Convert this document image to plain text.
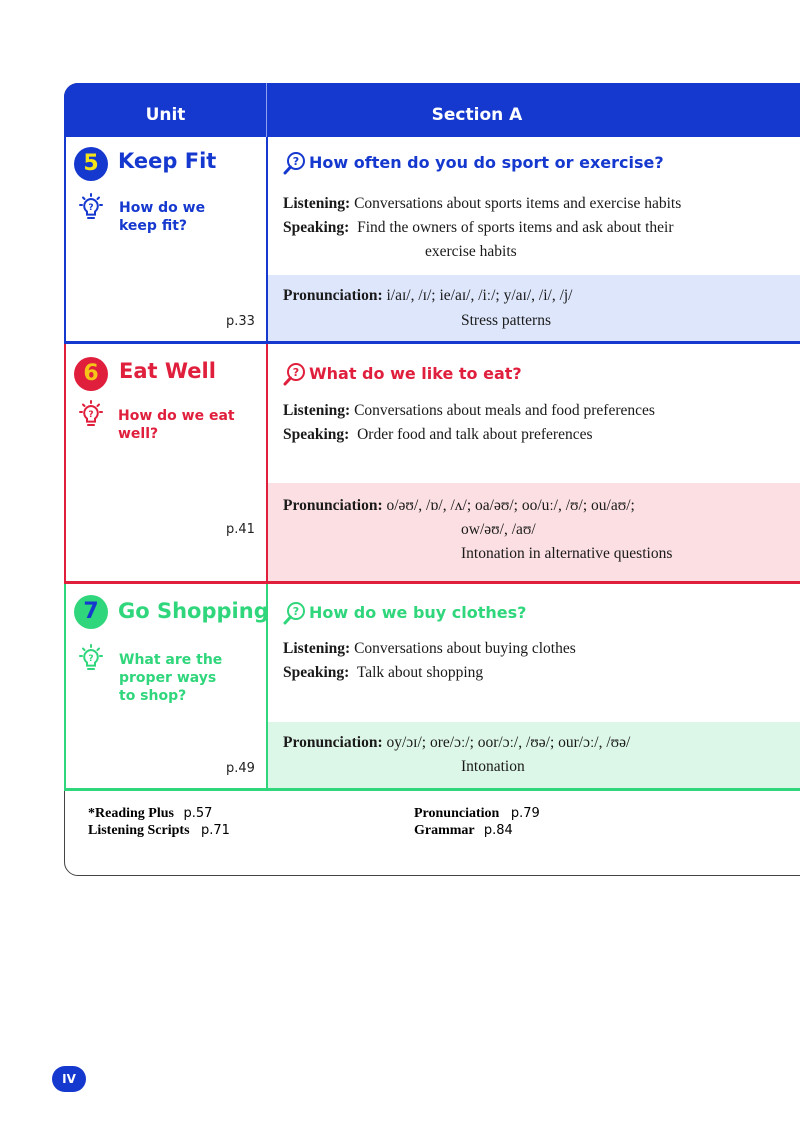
Unit	Section A
5 Keep Fit
? How do we
keep fit?
p.33
? How often do you do sport or exercise?
Listening: Conversations about sports items and exercise habits
Speaking: Find the owners of sports items and ask about their
exercise habits
Pronunciation: i/aɪ/, /ɪ/; ie/aɪ/, /iː/; y/aɪ/, /i/, /j/
Stress patterns
6 Eat Well
? How do we eat
well?
p.41
? What do we like to eat?
Listening: Conversations about meals and food preferences
Speaking: Order food and talk about preferences
Pronunciation: o/əʊ/, /ɒ/, /ʌ/; oa/əʊ/; oo/uː/, /ʊ/; ou/aʊ/;
ow/əʊ/, /aʊ/
Intonation in alternative questions
7 Go Shopping
? What are the
proper ways
to shop?
p.49
? How do we buy clothes?
Listening: Conversations about buying clothes
Speaking: Talk about shopping
Pronunciation: oy/ɔɪ/; ore/ɔː/; oor/ɔː/, /ʊə/; our/ɔː/, /ʊə/
Intonation
*Reading Plus p.57
Listening Scripts p.71
Pronunciation p.79
Grammar p.84
IV
